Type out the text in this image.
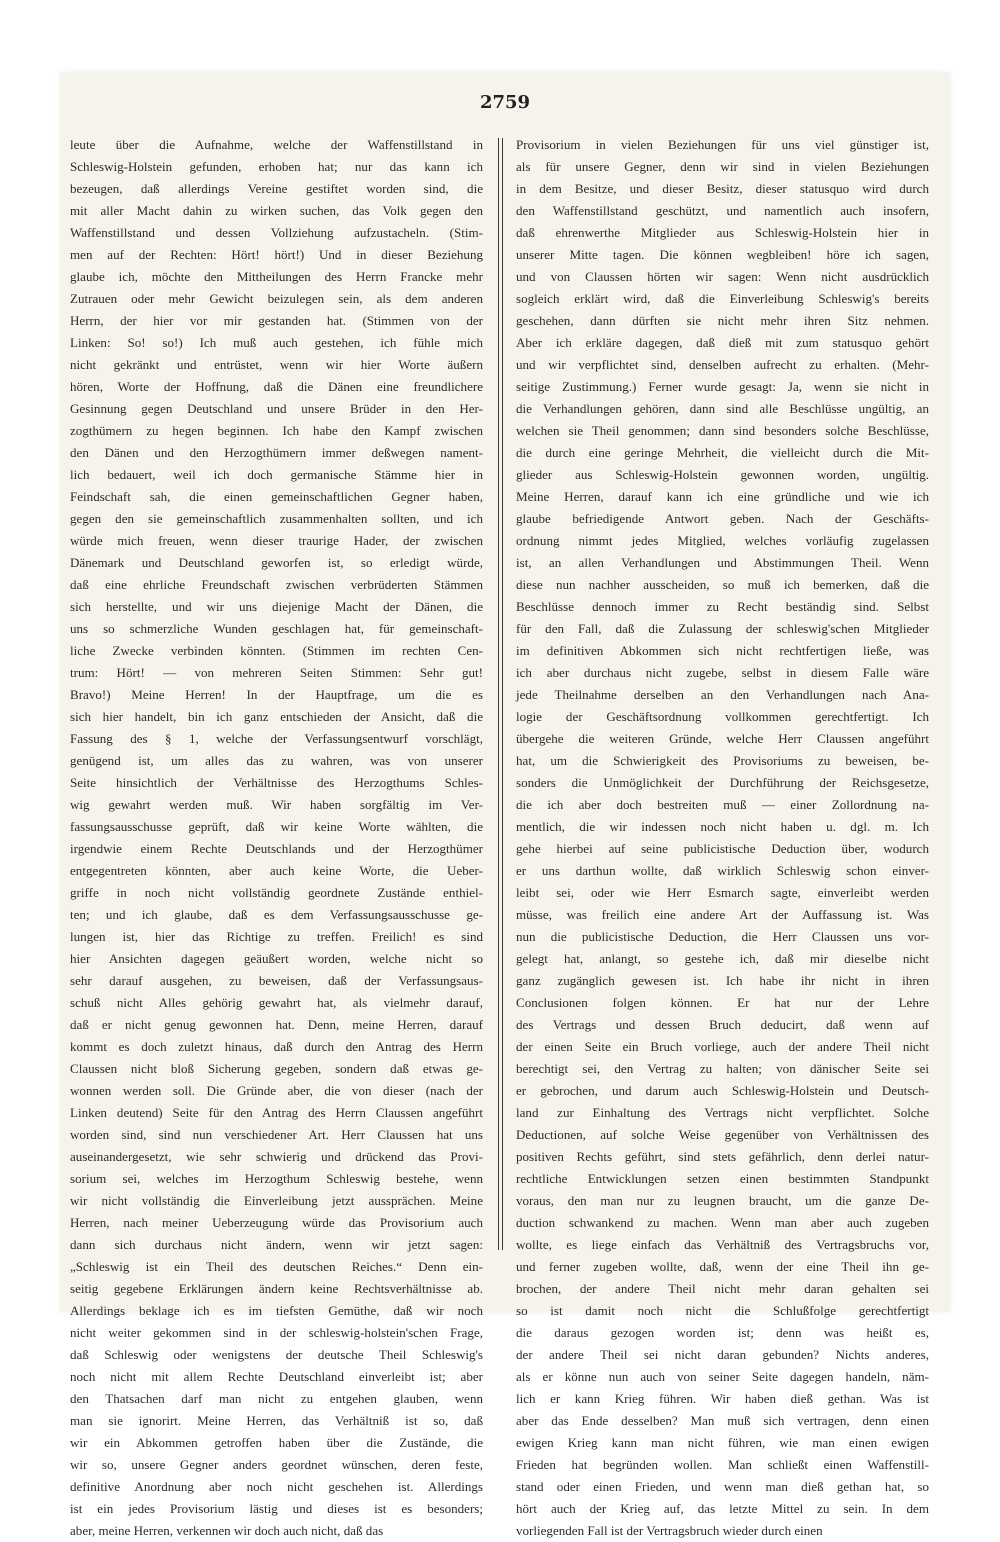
2759
leute über die Aufnahme, welche der Waffenstillstand in
Schleswig-Holstein gefunden, erhoben hat; nur das kann ich
bezeugen, daß allerdings Vereine gestiftet worden sind, die
mit aller Macht dahin zu wirken suchen, das Volk gegen den
Waffenstillstand und dessen Vollziehung aufzustacheln. (Stim-
men auf der Rechten: Hört! hört!) Und in dieser Beziehung
glaube ich, möchte den Mittheilungen des Herrn Francke mehr
Zutrauen oder mehr Gewicht beizulegen sein, als dem anderen
Herrn, der hier vor mir gestanden hat. (Stimmen von der
Linken: So! so!) Ich muß auch gestehen, ich fühle mich
nicht gekränkt und entrüstet, wenn wir hier Worte äußern
hören, Worte der Hoffnung, daß die Dänen eine freundlichere
Gesinnung gegen Deutschland und unsere Brüder in den Her-
zogthümern zu hegen beginnen. Ich habe den Kampf zwischen
den Dänen und den Herzogthümern immer deßwegen nament-
lich bedauert, weil ich doch germanische Stämme hier in
Feindschaft sah, die einen gemeinschaftlichen Gegner haben,
gegen den sie gemeinschaftlich zusammenhalten sollten, und ich
würde mich freuen, wenn dieser traurige Hader, der zwischen
Dänemark und Deutschland geworfen ist, so erledigt würde,
daß eine ehrliche Freundschaft zwischen verbrüderten Stämmen
sich herstellte, und wir uns diejenige Macht der Dänen, die
uns so schmerzliche Wunden geschlagen hat, für gemeinschaft-
liche Zwecke verbinden könnten. (Stimmen im rechten Cen-
trum: Hört! — von mehreren Seiten Stimmen: Sehr gut!
Bravo!) Meine Herren! In der Hauptfrage, um die es
sich hier handelt, bin ich ganz entschieden der Ansicht, daß die
Fassung des § 1, welche der Verfassungsentwurf vorschlägt,
genügend ist, um alles das zu wahren, was von unserer
Seite hinsichtlich der Verhältnisse des Herzogthums Schles-
wig gewahrt werden muß. Wir haben sorgfältig im Ver-
fassungsausschusse geprüft, daß wir keine Worte wählten, die
irgendwie einem Rechte Deutschlands und der Herzogthümer
entgegentreten könnten, aber auch keine Worte, die Ueber-
griffe in noch nicht vollständig geordnete Zustände enthiel-
ten; und ich glaube, daß es dem Verfassungsausschusse ge-
lungen ist, hier das Richtige zu treffen. Freilich! es sind
hier Ansichten dagegen geäußert worden, welche nicht so
sehr darauf ausgehen, zu beweisen, daß der Verfassungsaus-
schuß nicht Alles gehörig gewahrt hat, als vielmehr darauf,
daß er nicht genug gewonnen hat. Denn, meine Herren, darauf
kommt es doch zuletzt hinaus, daß durch den Antrag des Herrn
Claussen nicht bloß Sicherung gegeben, sondern daß etwas ge-
wonnen werden soll. Die Gründe aber, die von dieser (nach der
Linken deutend) Seite für den Antrag des Herrn Claussen angeführt
worden sind, sind nun verschiedener Art. Herr Claussen hat uns
auseinandergesetzt, wie sehr schwierig und drückend das Provi-
sorium sei, welches im Herzogthum Schleswig bestehe, wenn
wir nicht vollständig die Einverleibung jetzt aussprächen. Meine
Herren, nach meiner Ueberzeugung würde das Provisorium auch
dann sich durchaus nicht ändern, wenn wir jetzt sagen:
„Schleswig ist ein Theil des deutschen Reiches.“ Denn ein-
seitig gegebene Erklärungen ändern keine Rechtsverhältnisse ab.
Allerdings beklage ich es im tiefsten Gemüthe, daß wir noch
nicht weiter gekommen sind in der schleswig-holstein'schen Frage,
daß Schleswig oder wenigstens der deutsche Theil Schleswig's
noch nicht mit allem Rechte Deutschland einverleibt ist; aber
den Thatsachen darf man nicht zu entgehen glauben, wenn
man sie ignorirt. Meine Herren, das Verhältniß ist so, daß
wir ein Abkommen getroffen haben über die Zustände, die
wir so, unsere Gegner anders geordnet wünschen, deren feste,
definitive Anordnung aber noch nicht geschehen ist. Allerdings
ist ein jedes Provisorium lästig und dieses ist es besonders;
aber, meine Herren, verkennen wir doch auch nicht, daß das
Provisorium in vielen Beziehungen für uns viel günstiger ist,
als für unsere Gegner, denn wir sind in vielen Beziehungen
in dem Besitze, und dieser Besitz, dieser statusquo wird durch
den Waffenstillstand geschützt, und namentlich auch insofern,
daß ehrenwerthe Mitglieder aus Schleswig-Holstein hier in
unserer Mitte tagen. Die können wegbleiben! höre ich sagen,
und von Claussen hörten wir sagen: Wenn nicht ausdrücklich
sogleich erklärt wird, daß die Einverleibung Schleswig's bereits
geschehen, dann dürften sie nicht mehr ihren Sitz nehmen.
Aber ich erkläre dagegen, daß dieß mit zum statusquo gehört
und wir verpflichtet sind, denselben aufrecht zu erhalten. (Mehr-
seitige Zustimmung.) Ferner wurde gesagt: Ja, wenn sie nicht in
die Verhandlungen gehören, dann sind alle Beschlüsse ungültig, an
welchen sie Theil genommen; dann sind besonders solche Beschlüsse,
die durch eine geringe Mehrheit, die vielleicht durch die Mit-
glieder aus Schleswig-Holstein gewonnen worden, ungültig.
Meine Herren, darauf kann ich eine gründliche und wie ich
glaube befriedigende Antwort geben. Nach der Geschäfts-
ordnung nimmt jedes Mitglied, welches vorläufig zugelassen
ist, an allen Verhandlungen und Abstimmungen Theil. Wenn
diese nun nachher ausscheiden, so muß ich bemerken, daß die
Beschlüsse dennoch immer zu Recht beständig sind. Selbst
für den Fall, daß die Zulassung der schleswig'schen Mitglieder
im definitiven Abkommen sich nicht rechtfertigen ließe, was
ich aber durchaus nicht zugebe, selbst in diesem Falle wäre
jede Theilnahme derselben an den Verhandlungen nach Ana-
logie der Geschäftsordnung vollkommen gerechtfertigt. Ich
übergehe die weiteren Gründe, welche Herr Claussen angeführt
hat, um die Schwierigkeit des Provisoriums zu beweisen, be-
sonders die Unmöglichkeit der Durchführung der Reichsgesetze,
die ich aber doch bestreiten muß — einer Zollordnung na-
mentlich, die wir indessen noch nicht haben u. dgl. m. Ich
gehe hierbei auf seine publicistische Deduction über, wodurch
er uns darthun wollte, daß wirklich Schleswig schon einver-
leibt sei, oder wie Herr Esmarch sagte, einverleibt werden
müsse, was freilich eine andere Art der Auffassung ist. Was
nun die publicistische Deduction, die Herr Claussen uns vor-
gelegt hat, anlangt, so gestehe ich, daß mir dieselbe nicht
ganz zugänglich gewesen ist. Ich habe ihr nicht in ihren
Conclusionen folgen können. Er hat nur der Lehre
des Vertrags und dessen Bruch deducirt, daß wenn auf
der einen Seite ein Bruch vorliege, auch der andere Theil nicht
berechtigt sei, den Vertrag zu halten; von dänischer Seite sei
er gebrochen, und darum auch Schleswig-Holstein und Deutsch-
land zur Einhaltung des Vertrags nicht verpflichtet. Solche
Deductionen, auf solche Weise gegenüber von Verhältnissen des
positiven Rechts geführt, sind stets gefährlich, denn derlei natur-
rechtliche Entwicklungen setzen einen bestimmten Standpunkt
voraus, den man nur zu leugnen braucht, um die ganze De-
duction schwankend zu machen. Wenn man aber auch zugeben
wollte, es liege einfach das Verhältniß des Vertragsbruchs vor,
und ferner zugeben wollte, daß, wenn der eine Theil ihn ge-
brochen, der andere Theil nicht mehr daran gehalten sei
so ist damit noch nicht die Schlußfolge gerechtfertigt
die daraus gezogen worden ist; denn was heißt es,
der andere Theil sei nicht daran gebunden? Nichts anderes,
als er könne nun auch von seiner Seite dagegen handeln, näm-
lich er kann Krieg führen. Wir haben dieß gethan. Was ist
aber das Ende desselben? Man muß sich vertragen, denn einen
ewigen Krieg kann man nicht führen, wie man einen ewigen
Frieden hat begründen wollen. Man schließt einen Waffenstill-
stand oder einen Frieden, und wenn man dieß gethan hat, so
hört auch der Krieg auf, das letzte Mittel zu sein. In dem
vorliegenden Fall ist der Vertragsbruch wieder durch einen
